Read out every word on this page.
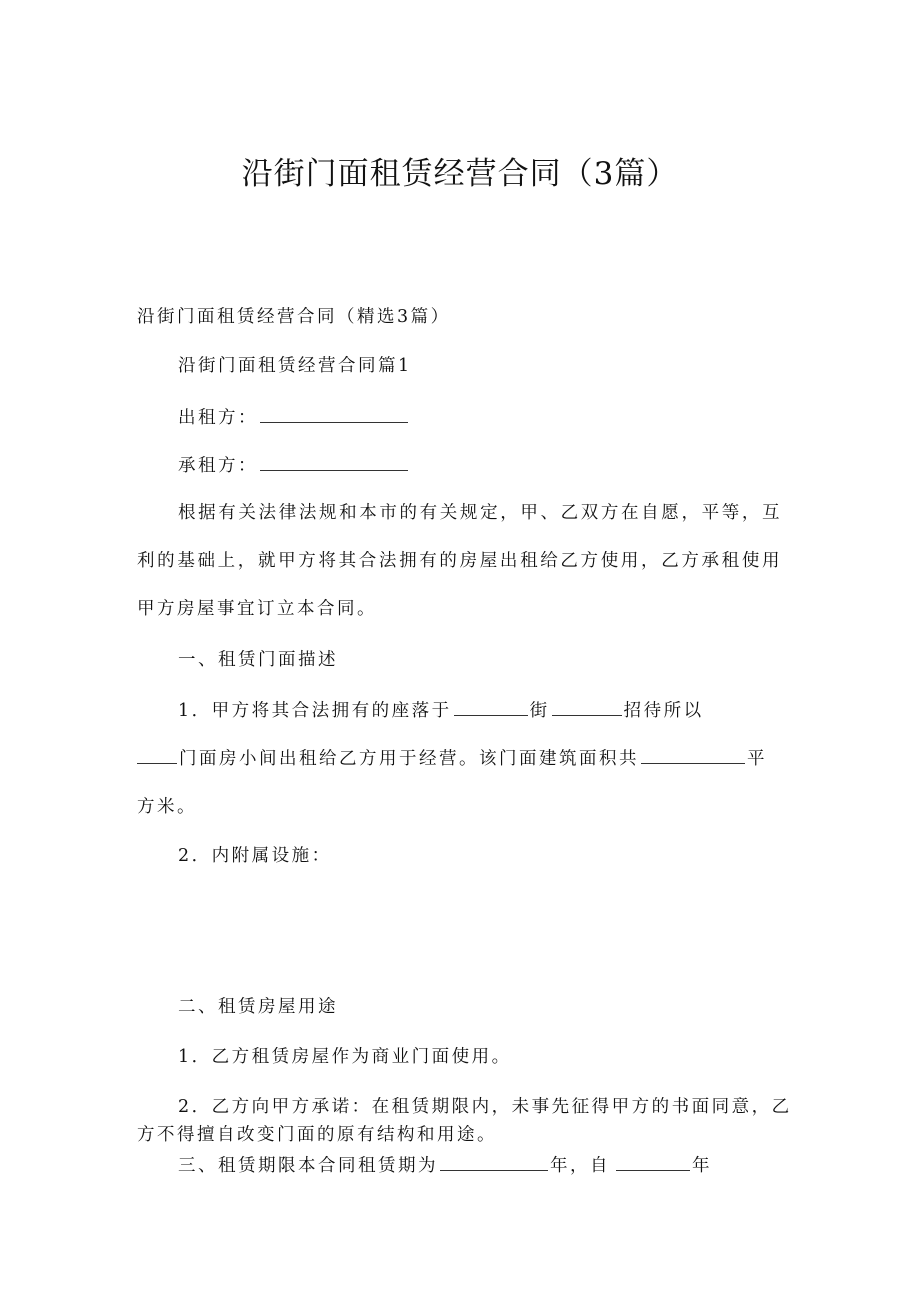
沿街门面租赁经营合同（3篇）
沿街门面租赁经营合同（精选3篇）
沿街门面租赁经营合同篇1
出租方：
承租方：
根据有关法律法规和本市的有关规定，甲、乙双方在自愿，平等，互
利的基础上，就甲方将其合法拥有的房屋出租给乙方使用，乙方承租使用
甲方房屋事宜订立本合同。
一、租赁门面描述
1．甲方将其合法拥有的座落于	街	招待所以
门面房小间出租给乙方用于经营。该门面建筑面积共	平
方米。
2．内附属设施：
二、租赁房屋用途
1．乙方租赁房屋作为商业门面使用。
2．乙方向甲方承诺：在租赁期限内，未事先征得甲方的书面同意，乙
方不得擅自改变门面的原有结构和用途。
三、租赁期限本合同租赁期为	年，自	年
